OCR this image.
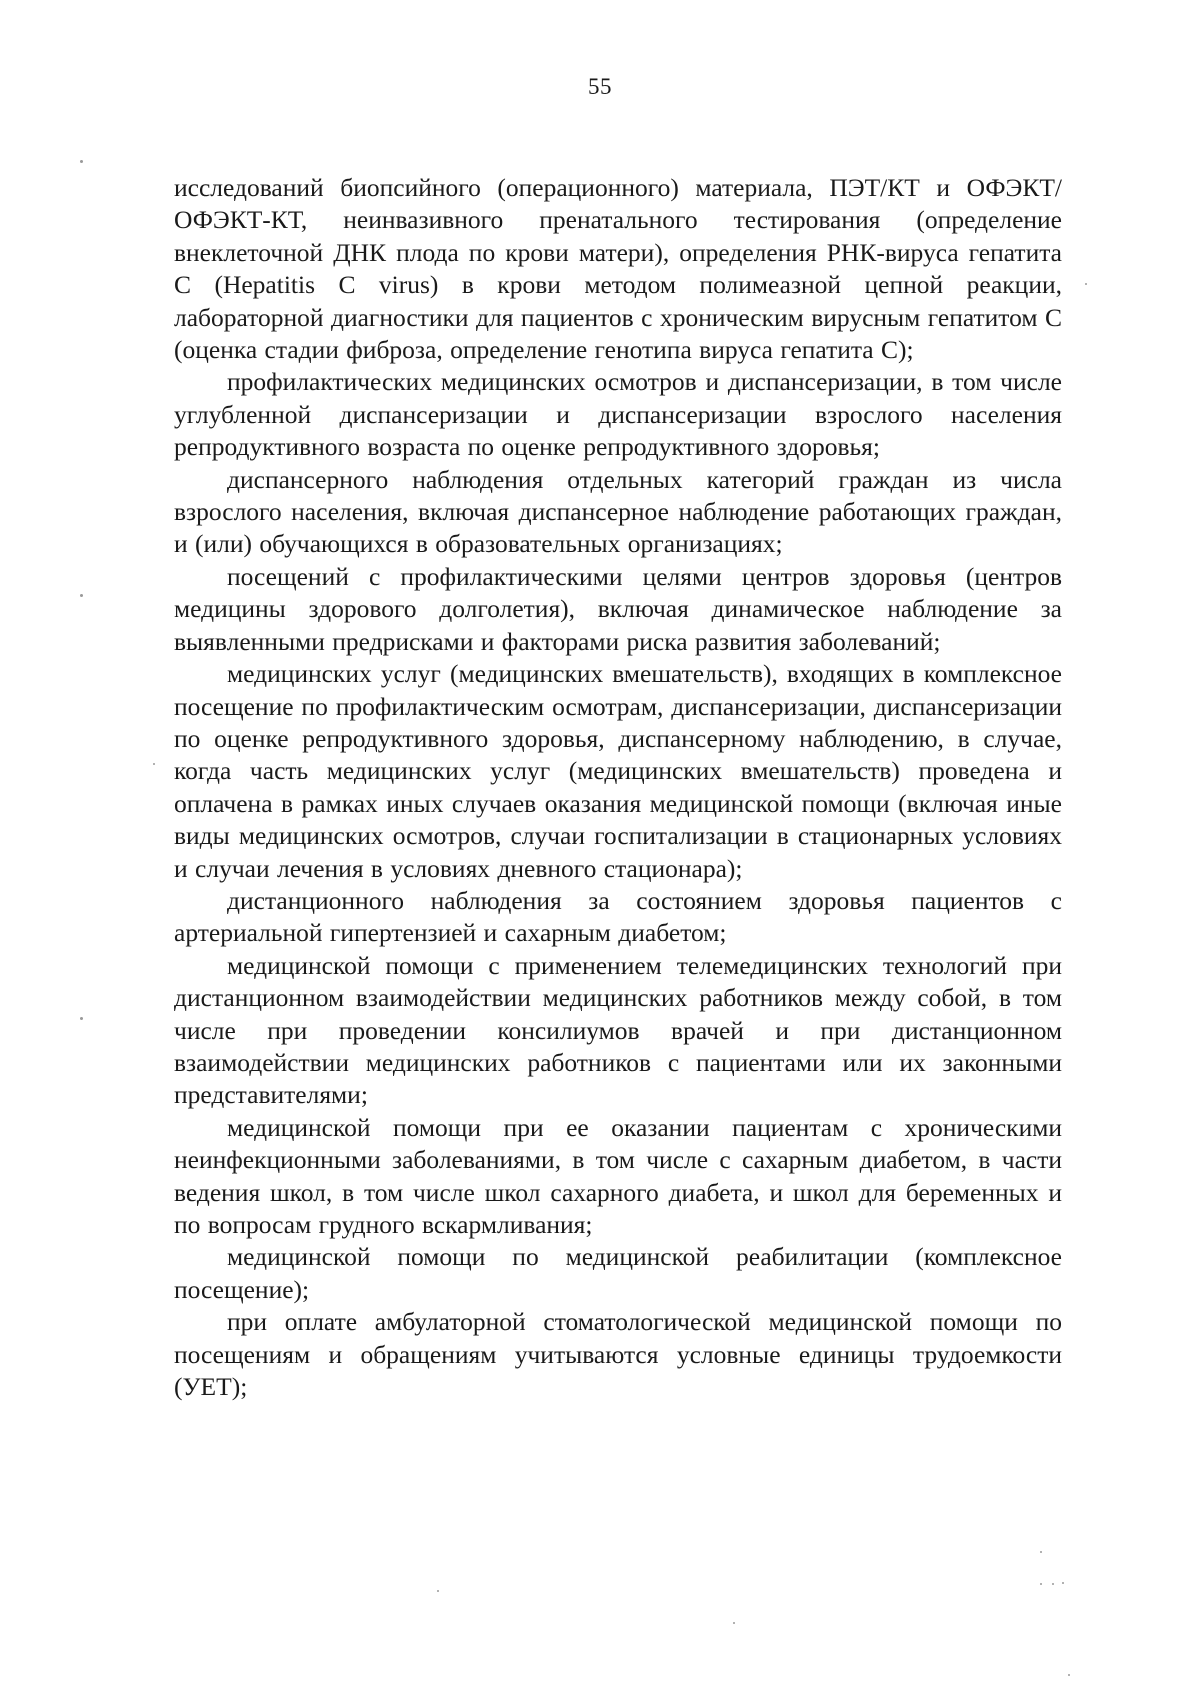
55

исследований биопсийного (операционного) материала, ПЭТ/КТ и ОФЭКТ/ОФЭКТ-КТ, неинвазивного пренатального тестирования (определение внеклеточной ДНК плода по крови матери), определения РНК-вируса гепатита С (Hepatitis C virus) в крови методом полимеазной цепной реакции, лабораторной диагностики для пациентов с хроническим вирусным гепатитом С (оценка стадии фиброза, определение генотипа вируса гепатита С);

профилактических медицинских осмотров и диспансеризации, в том числе углубленной диспансеризации и диспансеризации взрослого населения репродуктивного возраста по оценке репродуктивного здоровья;

диспансерного наблюдения отдельных категорий граждан из числа взрослого населения, включая диспансерное наблюдение работающих граждан, и (или) обучающихся в образовательных организациях;

посещений с профилактическими целями центров здоровья (центров медицины здорового долголетия), включая динамическое наблюдение за выявленными предрисками и факторами риска развития заболеваний;

медицинских услуг (медицинских вмешательств), входящих в комплексное посещение по профилактическим осмотрам, диспансеризации, диспансеризации по оценке репродуктивного здоровья, диспансерному наблюдению, в случае, когда часть медицинских услуг (медицинских вмешательств) проведена и оплачена в рамках иных случаев оказания медицинской помощи (включая иные виды медицинских осмотров, случаи госпитализации в стационарных условиях и случаи лечения в условиях дневного стационара);

дистанционного наблюдения за состоянием здоровья пациентов с артериальной гипертензией и сахарным диабетом;

медицинской помощи с применением телемедицинских технологий при дистанционном взаимодействии медицинских работников между собой, в том числе при проведении консилиумов врачей и при дистанционном взаимодействии медицинских работников с пациентами или их законными представителями;

медицинской помощи при ее оказании пациентам с хроническими неинфекционными заболеваниями, в том числе с сахарным диабетом, в части ведения школ, в том числе школ сахарного диабета, и школ для беременных и по вопросам грудного вскармливания;

медицинской помощи по медицинской реабилитации (комплексное посещение);

при оплате амбулаторной стоматологической медицинской помощи по посещениям и обращениям учитываются условные единицы трудоемкости (УЕТ);
